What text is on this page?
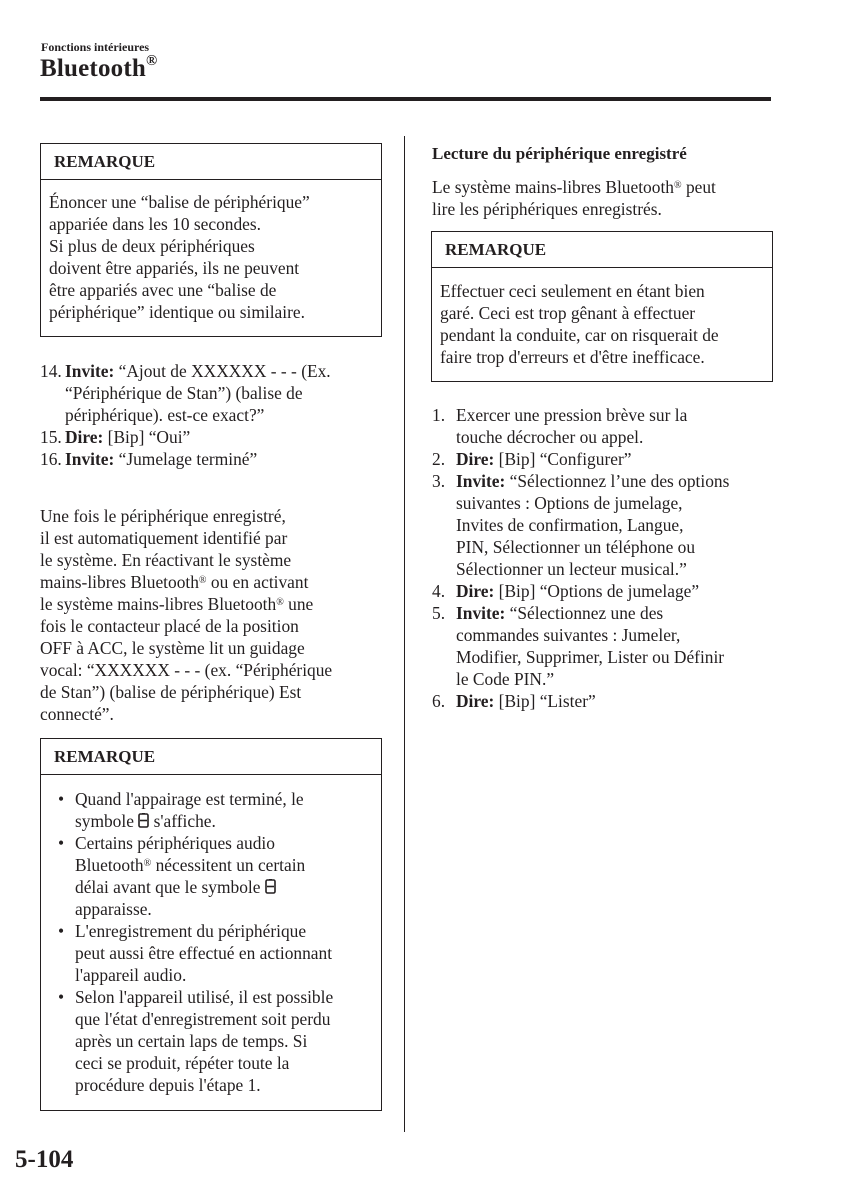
Fonctions intérieures
Bluetooth®
REMARQUE

Énoncer une “balise de périphérique”

appariée dans les 10 secondes.

Si plus de deux périphériques

doivent être appariés, ils ne peuvent

être appariés avec une “balise de

périphérique” identique ou similaire.

14. Invite: “Ajout de XXXXXX - - - (Ex.
“Périphérique de Stan”) (balise de
périphérique). est-ce exact?”
15. Dire: [Bip] “Oui”
16. Invite: “Jumelage terminé”

Une fois le périphérique enregistré,

il est automatiquement identifié par

le système. En réactivant le système

mains-libres Bluetooth® ou en activant

le système mains-libres Bluetooth® une

fois le contacteur placé de la position

OFF à ACC, le système lit un guidage

vocal: “XXXXXX - - - (ex. “Périphérique

de Stan”) (balise de périphérique) Est

connecté”.

REMARQUE
• Quand l'appairage est terminé, le
symbole  s'affiche.
• Certains périphériques audio
Bluetooth® nécessitent un certain
délai avant que le symbole
apparaisse.
• L'enregistrement du périphérique
peut aussi être effectué en actionnant
l'appareil audio.
• Selon l'appareil utilisé, il est possible
que l'état d'enregistrement soit perdu
après un certain laps de temps. Si
ceci se produit, répéter toute la
procédure depuis l'étape 1.

Lecture du périphérique enregistré

Le système mains-libres Bluetooth® peut

lire les périphériques enregistrés.

REMARQUE

Effectuer ceci seulement en étant bien

garé. Ceci est trop gênant à effectuer

pendant la conduite, car on risquerait de

faire trop d'erreurs et d'être inefficace.

1. Exercer une pression brève sur la
touche décrocher ou appel.
2. Dire: [Bip] “Configurer”
3. Invite: “Sélectionnez l’une des options
suivantes : Options de jumelage,
Invites de confirmation, Langue,
PIN, Sélectionner un téléphone ou
Sélectionner un lecteur musical.”
4. Dire: [Bip] “Options de jumelage”
5. Invite: “Sélectionnez une des
commandes suivantes : Jumeler,
Modifier, Supprimer, Lister ou Définir
le Code PIN.”
6. Dire: [Bip] “Lister”
5-104
